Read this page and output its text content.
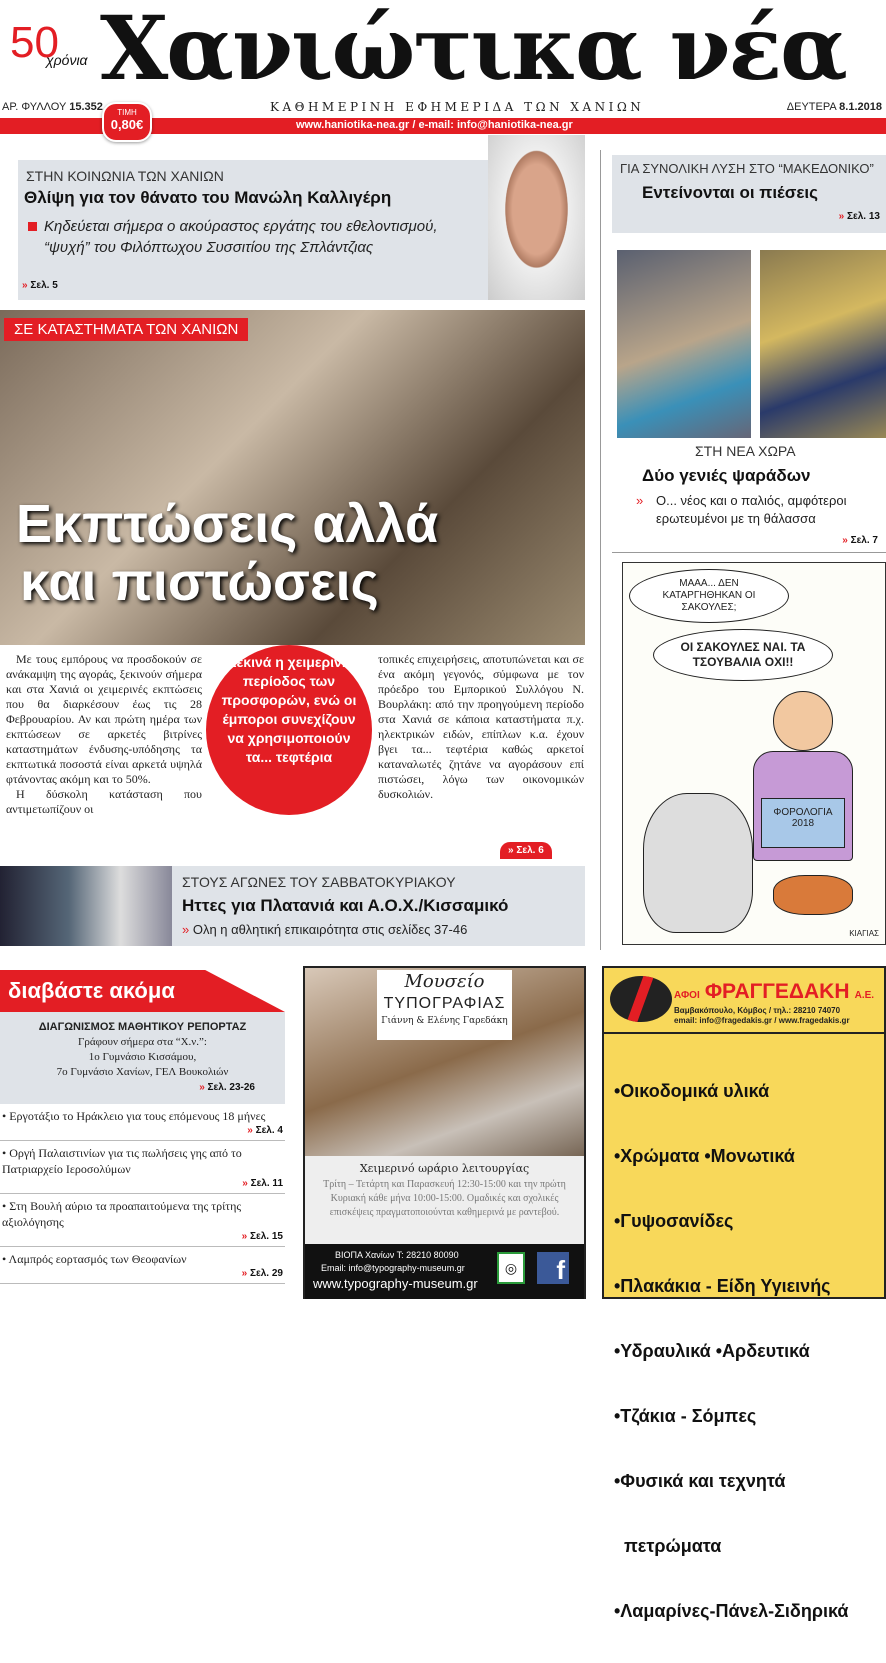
50
χρόνια Χανιώτικα νέα
ΑΡ. ΦΥΛΛΟΥ 15.352	ΚΑΘΗΜΕΡΙΝΗ ΕΦΗΜΕΡΙΔΑ ΤΩΝ ΧΑΝΙΩΝ	ΔΕΥΤΕΡΑ 8.1.2018
www.haniotika-nea.gr / e-mail: info@haniotika-nea.gr
ΤΙΜΗ
0,80€
ΣΤΗΝ ΚΟΙΝΩΝΙΑ ΤΩΝ ΧΑΝΙΩΝ
Θλίψη για τον θάνατο του Μανώλη Καλλιγέρη
Κηδεύεται σήμερα ο ακούραστος εργάτης του εθελοντισμού, “ψυχή” του Φιλόπτωχου Συσσιτίου της Σπλάντζιας
» Σελ. 5
ΣΕ ΚΑΤΑΣΤΗΜΑΤΑ ΤΩΝ ΧΑΝΙΩΝ
Εκπτώσεις αλλά
και πιστώσεις

Με τους εμπόρους να προσδοκούν σε ανάκαμψη της αγοράς, ξεκινούν σήμερα και στα Χανιά οι χειμερινές εκπτώσεις που θα διαρκέσουν έως τις 28 Φεβρουαρίου. Αν και πρώτη ημέρα των εκπτώσεων σε αρκετές βιτρίνες καταστημάτων ένδυσης-υπόδησης τα εκπτωτικά ποσοστά είναι αρκετά υψηλά φτάνοντας ακόμη και το 50%.

Η δύσκολη κατάσταση που αντιμετωπίζουν οι

Ξεκινά η χειμερινή περίοδος των προσφορών, ενώ οι έμποροι συνεχίζουν να χρησιμοποιούν τα... τεφτέρια

τοπικές επιχειρήσεις, αποτυπώνεται και σε ένα ακόμη γεγονός, σύμφωνα με τον πρόεδρο του Εμπορικού Συλλόγου Ν. Βουρλάκη: από την προηγούμενη περίοδο στα Χανιά σε κάποια καταστήματα π.χ. ηλεκτρικών ειδών, επίπλων κ.α. έχουν βγει τα... τεφτέρια καθώς αρκετοί καταναλωτές ζητάνε να αγοράσουν επί πιστώσει, λόγω των οικονομικών δυσκολιών.

» Σελ. 6
ΣΤΟΥΣ ΑΓΩΝΕΣ ΤΟΥ ΣΑΒΒΑΤΟΚΥΡΙΑΚΟΥ
Ηττες για Πλατανιά και Α.Ο.Χ./Κισσαμικό
» Ολη η αθλητική επικαιρότητα στις σελίδες 37-46
ΓΙΑ ΣΥΝΟΛΙΚΗ ΛΥΣΗ ΣΤΟ “ΜΑΚΕΔΟΝΙΚΟ”
Εντείνονται οι πιέσεις
» Σελ. 13
ΣΤΗ ΝΕΑ ΧΩΡΑ
Δύο γενιές ψαράδων
» Ο... νέος και ο παλιός, αμφότεροι ερωτευμένοι με τη θάλασσα
» Σελ. 7
ΜΑΑΑ... ΔΕΝ ΚΑΤΑΡΓΗΘΗΚΑΝ ΟΙ ΣΑΚΟΥΛΕΣ;
ΟΙ ΣΑΚΟΥΛΕΣ ΝΑΙ. ΤΑ ΤΣΟΥΒΑΛΙΑ ΟΧΙ!!
ΦΟΡΟΛΟΓΙΑ 2018
ΚΙΑΓΙΑΣ
διαβάστε ακόμα
ΔΙΑΓΩΝΙΣΜΟΣ ΜΑΘΗΤΙΚΟΥ ΡΕΠΟΡΤΑΖ
Γράφουν σήμερα στα “Χ.ν.”:
1ο Γυμνάσιο Κισσάμου,
7ο Γυμνάσιο Χανίων, ΓΕΛ Βουκολιών
» Σελ. 23-26
• Εργοτάξιο το Ηράκλειο για τους επόμενους 18 μήνες
» Σελ. 4
• Οργή Παλαιστινίων για τις πωλήσεις γης από το Πατριαρχείο Ιεροσολύμων
» Σελ. 11
• Στη Βουλή αύριο τα προαπαιτούμενα της τρίτης αξιολόγησης
» Σελ. 15
• Λαμπρός εορτασμός των Θεοφανίων
» Σελ. 29
Μουσείο
ΤΥΠΟΓΡΑΦΙΑΣ
Γιάννη & Ελένης Γαρεδάκη
Χειμερινό ωράριο λειτουργίας
Τρίτη – Τετάρτη και Παρασκευή 12:30-15:00 και την πρώτη Κυριακή κάθε μήνα 10:00-15:00. Ομαδικές και σχολικές επισκέψεις πραγματοποιούνται καθημερινά με ραντεβού.
ΒΙΟΠΑ Χανίων Τ: 28210 80090
Email: info@typography-museum.gr
www.typography-museum.gr
◎	f
ΑΦΟΙ ΦΡΑΓΓΕΔΑΚΗ Α.Ε.
Βαμβακόπουλο, Κόμβος / τηλ.: 28210 74070
email: info@fragedakis.gr / www.fragedakis.gr

•Οικοδομικά υλικά

•Χρώματα •Μονωτικά

•Γυψοσανίδες

•Πλακάκια - Είδη Υγιεινής

•Υδραυλικά •Αρδευτικά

•Τζάκια - Σόμπες

•Φυσικά και τεχνητά

πετρώματα

•Λαμαρίνες-Πάνελ-Σιδηρικά
